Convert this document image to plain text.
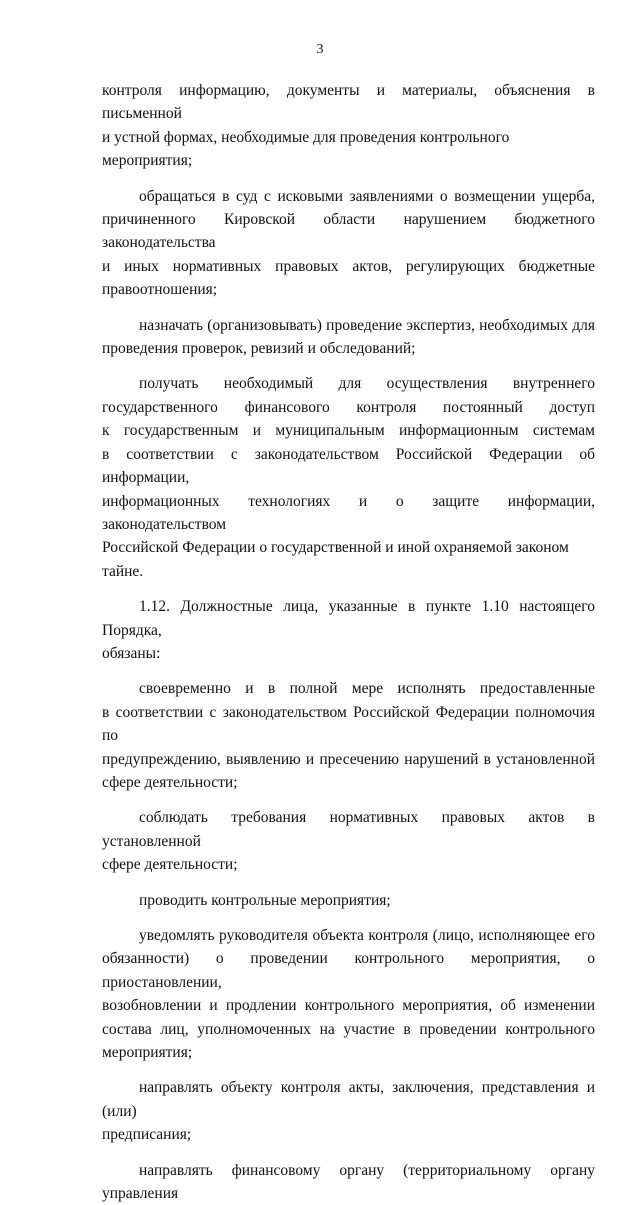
3

контроля информацию, документы и материалы, объяснения в письменной

и устной формах, необходимые для проведения контрольного мероприятия;

обращаться в суд с исковыми заявлениями о возмещении ущерба,

причиненного Кировской области нарушением бюджетного законодательства

и иных нормативных правовых актов, регулирующих бюджетные

правоотношения;

назначать (организовывать) проведение экспертиз, необходимых для

проведения проверок, ревизий и обследований;

получать необходимый для осуществления внутреннего

государственного финансового контроля постоянный доступ

к государственным и муниципальным информационным системам

в соответствии с законодательством Российской Федерации об информации,

информационных технологиях и о защите информации, законодательством

Российской Федерации о государственной и иной охраняемой законом тайне.

1.12. Должностные лица, указанные в пункте 1.10 настоящего Порядка,

обязаны:

своевременно и в полной мере исполнять предоставленные

в соответствии с законодательством Российской Федерации полномочия по

предупреждению, выявлению и пресечению нарушений в установленной

сфере деятельности;

соблюдать требования нормативных правовых актов в установленной

сфере деятельности;

проводить контрольные мероприятия;

уведомлять руководителя объекта контроля (лицо, исполняющее его

обязанности) о проведении контрольного мероприятия, о приостановлении,

возобновлении и продлении контрольного мероприятия, об изменении

состава лиц, уполномоченных на участие в проведении контрольного

мероприятия;

направлять объекту контроля акты, заключения, представления и (или)

предписания;

направлять финансовому органу (территориальному органу управления
